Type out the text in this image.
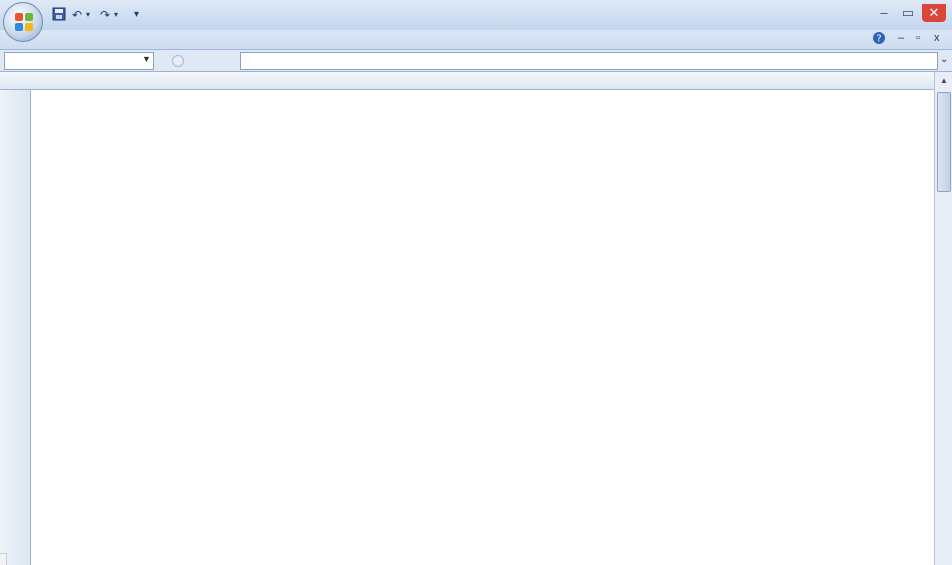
↶ ▾ ↷ ▾ ▾	–	▭	✕
? – ▫ x
▼	⌄
▲
